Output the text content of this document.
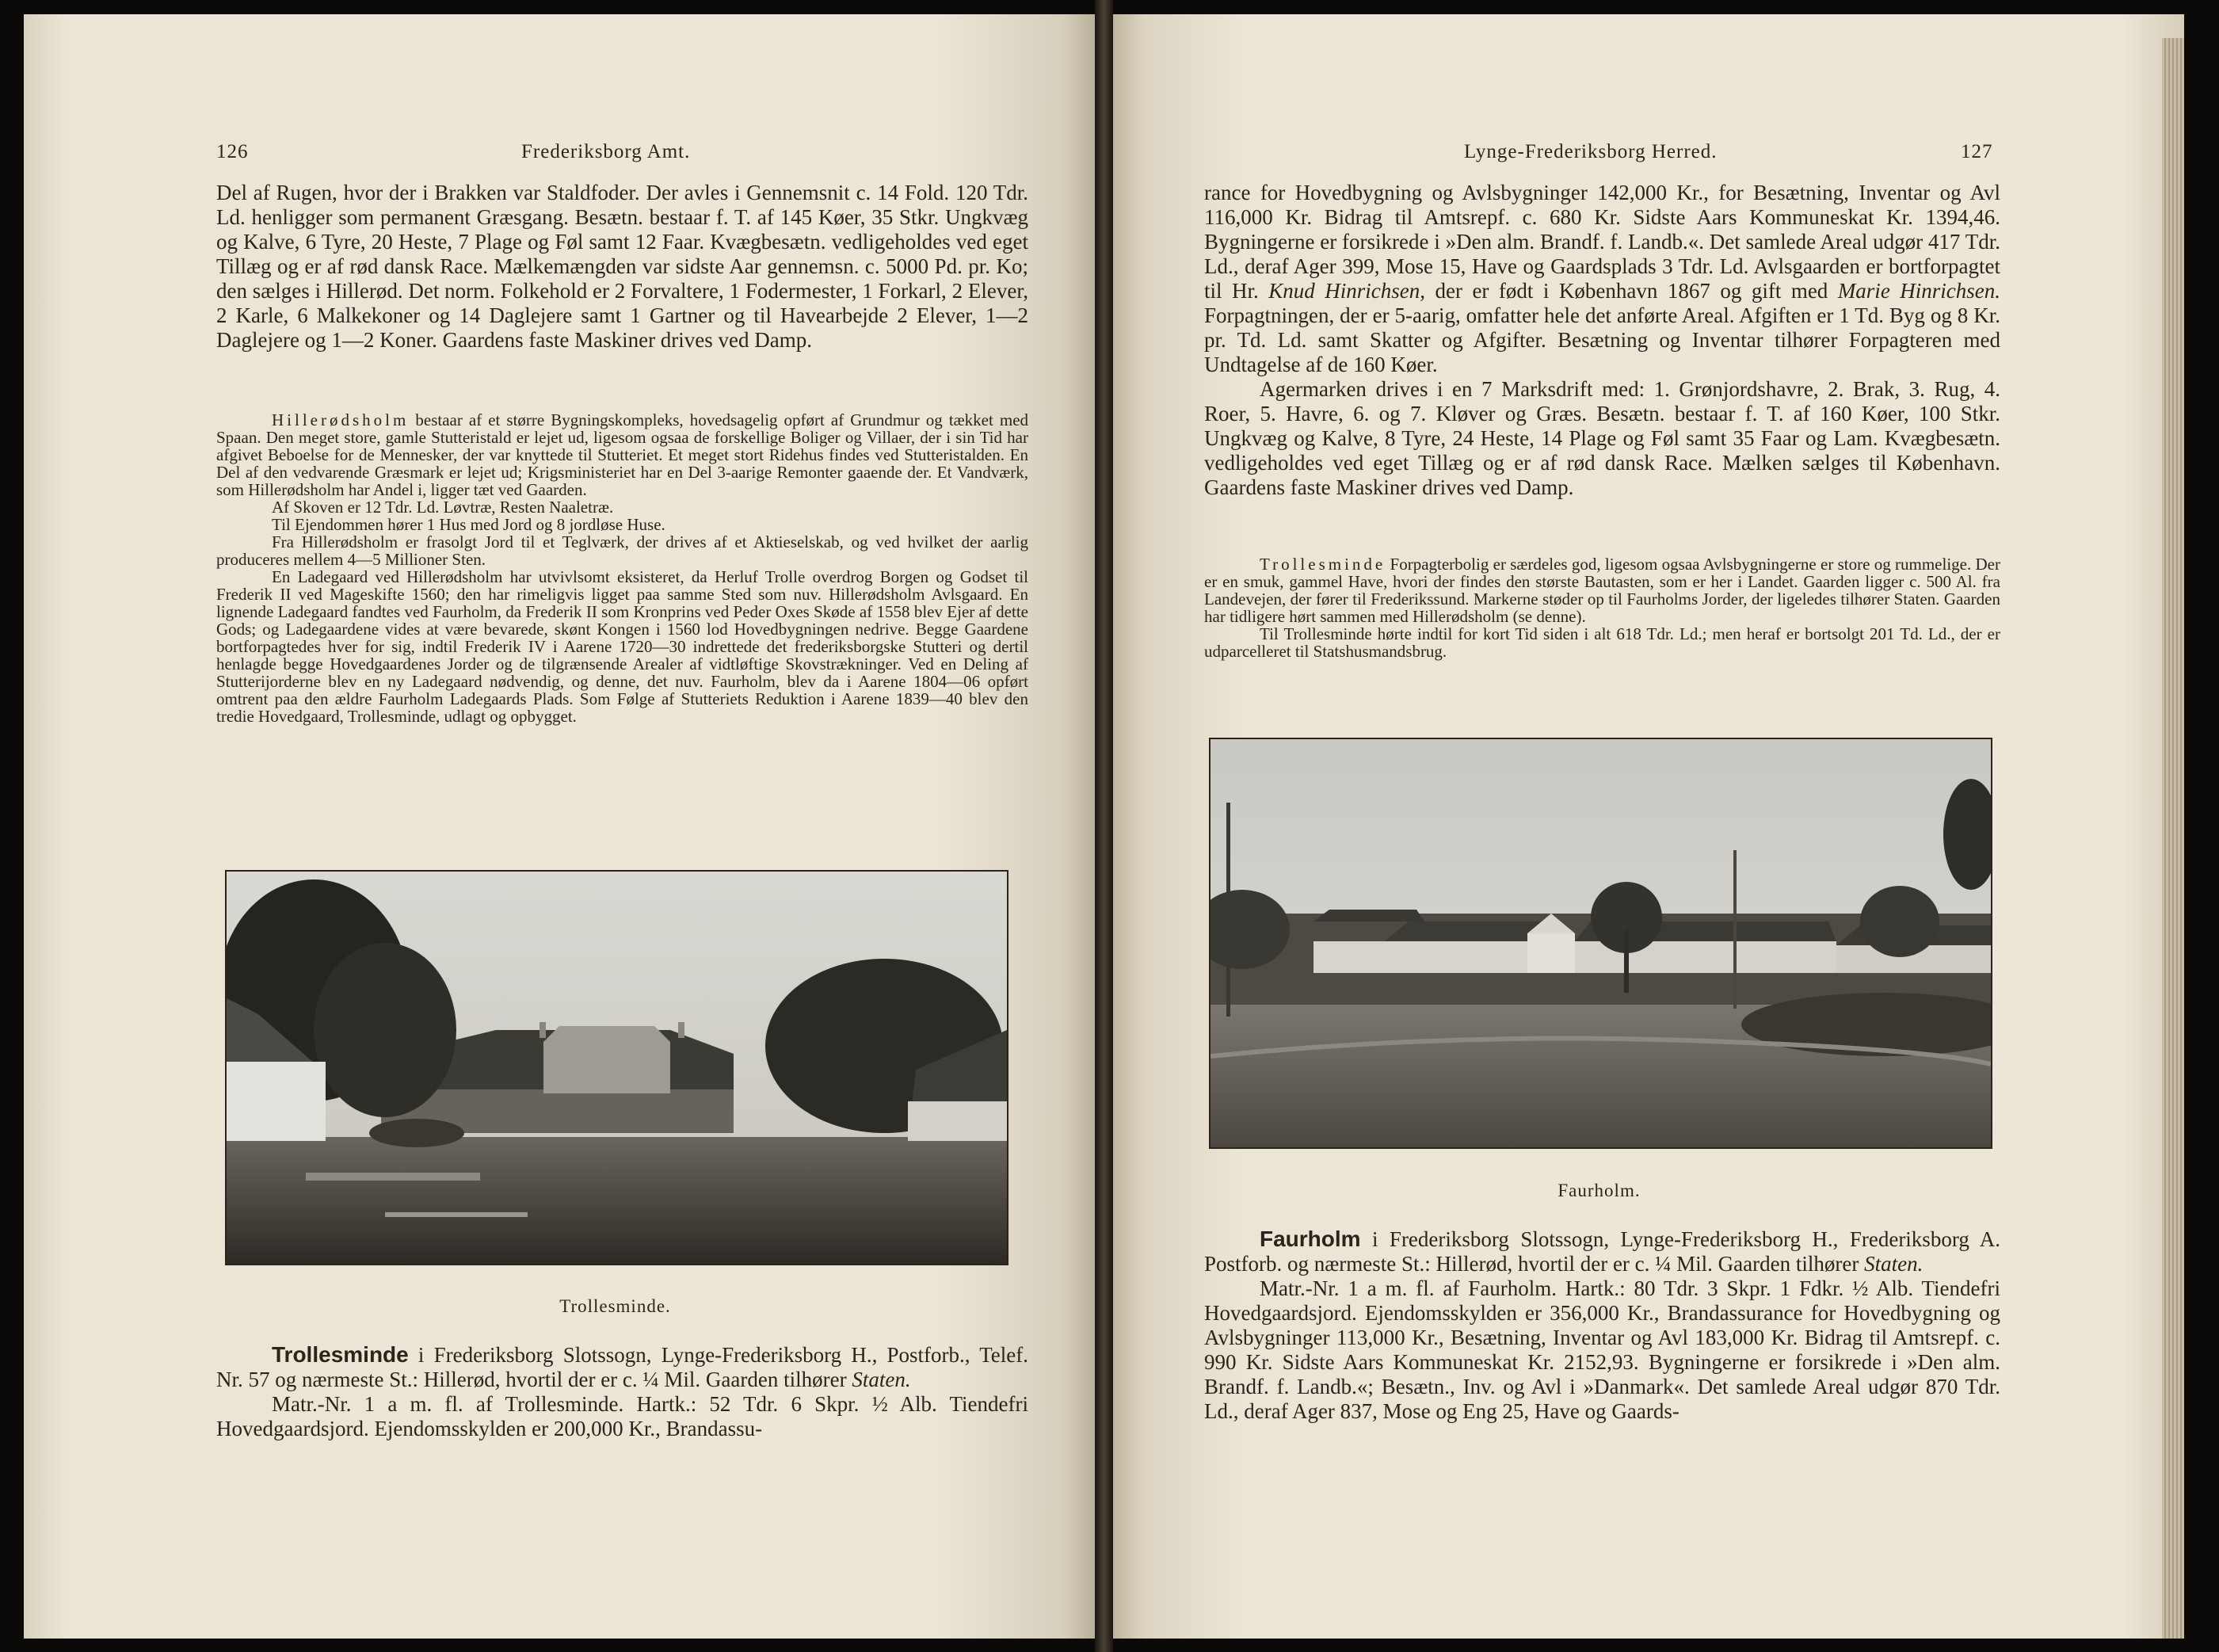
126	Frederiksborg Amt.

Del af Rugen, hvor der i Brakken var Staldfoder. Der avles i Gennemsnit c. 14 Fold. 120 Tdr. Ld. henligger som permanent Græsgang. Besætn. bestaar f. T. af 145 Køer, 35 Stkr. Ungkvæg og Kalve, 6 Tyre, 20 Heste, 7 Plage og Føl samt 12 Faar. Kvægbesætn. vedligeholdes ved eget Tillæg og er af rød dansk Race. Mælkemængden var sidste Aar gennemsn. c. 5000 Pd. pr. Ko; den sælges i Hillerød. Det norm. Folkehold er 2 Forvaltere, 1 Fodermester, 1 Forkarl, 2 Elever, 2 Karle, 6 Malkekoner og 14 Daglejere samt 1 Gartner og til Havearbejde 2 Elever, 1—2 Daglejere og 1—2 Koner. Gaardens faste Maskiner drives ved Damp.

Hillerødsholm bestaar af et større Bygningskompleks, hovedsagelig opført af Grundmur og tækket med Spaan. Den meget store, gamle Stutteristald er lejet ud, ligesom ogsaa de forskellige Boliger og Villaer, der i sin Tid har afgivet Beboelse for de Mennesker, der var knyttede til Stutteriet. Et meget stort Ridehus findes ved Stutteristalden. En Del af den vedvarende Græsmark er lejet ud; Krigsministeriet har en Del 3-aarige Remonter gaaende der. Et Vandværk, som Hillerødsholm har Andel i, ligger tæt ved Gaarden.

Af Skoven er 12 Tdr. Ld. Løvtræ, Resten Naaletræ.

Til Ejendommen hører 1 Hus med Jord og 8 jordløse Huse.

Fra Hillerødsholm er frasolgt Jord til et Teglværk, der drives af et Aktieselskab, og ved hvilket der aarlig produceres mellem 4—5 Millioner Sten.

En Ladegaard ved Hillerødsholm har utvivlsomt eksisteret, da Herluf Trolle overdrog Borgen og Godset til Frederik II ved Mageskifte 1560; den har rimeligvis ligget paa samme Sted som nuv. Hillerødsholm Avlsgaard. En lignende Ladegaard fandtes ved Faurholm, da Frederik II som Kronprins ved Peder Oxes Skøde af 1558 blev Ejer af dette Gods; og Ladegaardene vides at være bevarede, skønt Kongen i 1560 lod Hovedbygningen nedrive. Begge Gaardene bortforpagtedes hver for sig, indtil Frederik IV i Aarene 1720—30 indrettede det frederiksborgske Stutteri og dertil henlagde begge Hovedgaardenes Jorder og de tilgrænsende Arealer af vidtløftige Skovstrækninger. Ved en Deling af Stutterijorderne blev en ny Ladegaard nødvendig, og denne, det nuv. Faurholm, blev da i Aarene 1804—06 opført omtrent paa den ældre Faurholm Ladegaards Plads. Som Følge af Stutteriets Reduktion i Aarene 1839—40 blev den tredie Hovedgaard, Trollesminde, udlagt og opbygget.

Trollesminde.

Trollesminde i Frederiksborg Slotssogn, Lynge-Frederiksborg H., Postforb., Telef. Nr. 57 og nærmeste St.: Hillerød, hvortil der er c. ¼ Mil. Gaarden tilhører Staten.

Matr.-Nr. 1 a m. fl. af Trollesminde. Hartk.: 52 Tdr. 6 Skpr. ½ Alb. Tiendefri Hovedgaardsjord. Ejendomsskylden er 200,000 Kr., Brandassu-

Lynge-Frederiksborg Herred.	127

rance for Hovedbygning og Avlsbygninger 142,000 Kr., for Besætning, Inventar og Avl 116,000 Kr. Bidrag til Amtsrepf. c. 680 Kr. Sidste Aars Kommuneskat Kr. 1394,46. Bygningerne er forsikrede i »Den alm. Brandf. f. Landb.«. Det samlede Areal udgør 417 Tdr. Ld., deraf Ager 399, Mose 15, Have og Gaardsplads 3 Tdr. Ld. Avlsgaarden er bortforpagtet til Hr. Knud Hinrichsen, der er født i København 1867 og gift med Marie Hinrichsen. Forpagtningen, der er 5-aarig, omfatter hele det anførte Areal. Afgiften er 1 Td. Byg og 8 Kr. pr. Td. Ld. samt Skatter og Afgifter. Besætning og Inventar tilhører Forpagteren med Undtagelse af de 160 Køer.

Agermarken drives i en 7 Marksdrift med: 1. Grønjordshavre, 2. Brak, 3. Rug, 4. Roer, 5. Havre, 6. og 7. Kløver og Græs. Besætn. bestaar f. T. af 160 Køer, 100 Stkr. Ungkvæg og Kalve, 8 Tyre, 24 Heste, 14 Plage og Føl samt 35 Faar og Lam. Kvægbesætn. vedligeholdes ved eget Tillæg og er af rød dansk Race. Mælken sælges til København. Gaardens faste Maskiner drives ved Damp.

Trollesminde Forpagterbolig er særdeles god, ligesom ogsaa Avlsbygningerne er store og rummelige. Der er en smuk, gammel Have, hvori der findes den største Bautasten, som er her i Landet. Gaarden ligger c. 500 Al. fra Landevejen, der fører til Frederikssund. Markerne støder op til Faurholms Jorder, der ligeledes tilhører Staten. Gaarden har tidligere hørt sammen med Hillerødsholm (se denne).

Til Trollesminde hørte indtil for kort Tid siden i alt 618 Tdr. Ld.; men heraf er bortsolgt 201 Td. Ld., der er udparcelleret til Statshusmandsbrug.

Faurholm.

Faurholm i Frederiksborg Slotssogn, Lynge-Frederiksborg H., Frederiksborg A. Postforb. og nærmeste St.: Hillerød, hvortil der er c. ¼ Mil. Gaarden tilhører Staten.

Matr.-Nr. 1 a m. fl. af Faurholm. Hartk.: 80 Tdr. 3 Skpr. 1 Fdkr. ½ Alb. Tiendefri Hovedgaardsjord. Ejendomsskylden er 356,000 Kr., Brandassurance for Hovedbygning og Avlsbygninger 113,000 Kr., Besætning, Inventar og Avl 183,000 Kr. Bidrag til Amtsrepf. c. 990 Kr. Sidste Aars Kommuneskat Kr. 2152,93. Bygningerne er forsikrede i »Den alm. Brandf. f. Landb.«; Besætn., Inv. og Avl i »Danmark«. Det samlede Areal udgør 870 Tdr. Ld., deraf Ager 837, Mose og Eng 25, Have og Gaards-
